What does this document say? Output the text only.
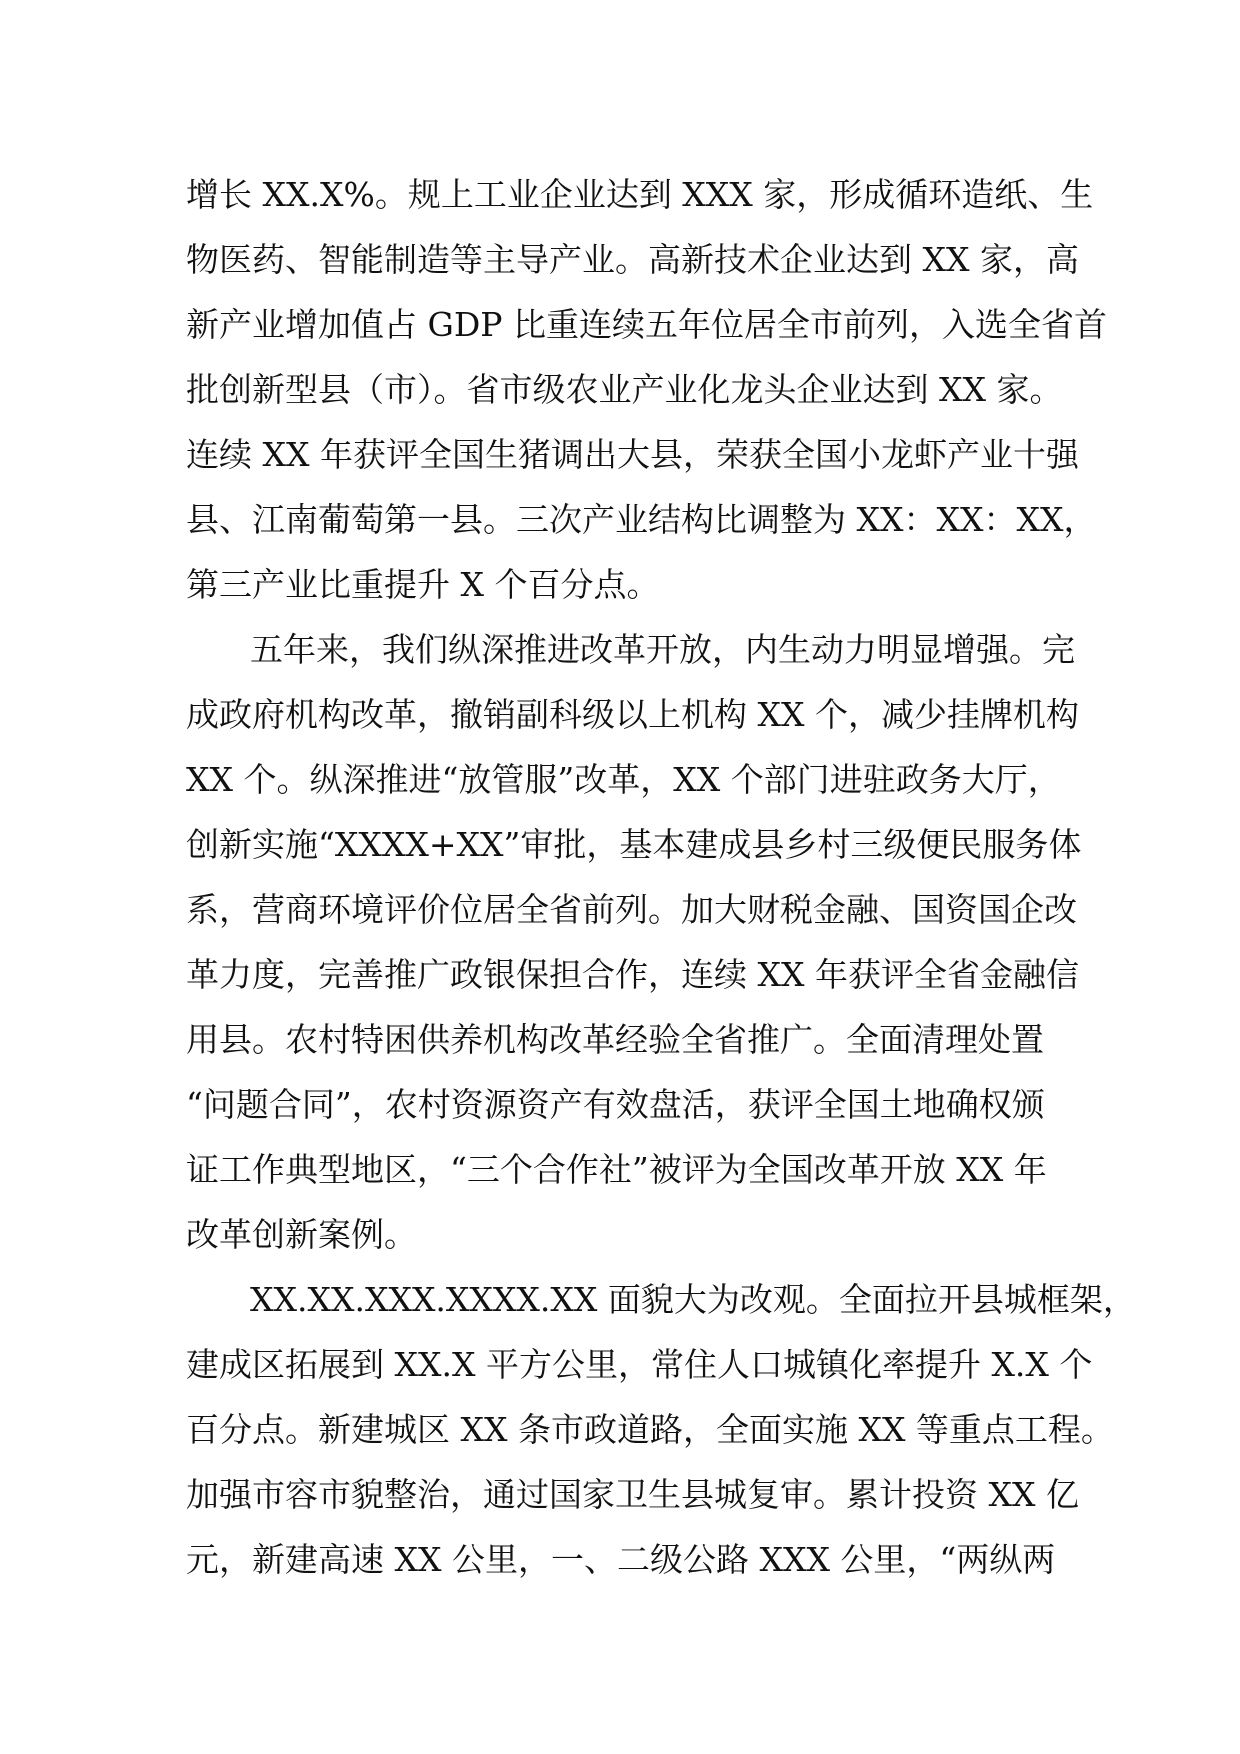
增长 XX.X%。规上工业企业达到 XXX 家，形成循环造纸、生
物医药、智能制造等主导产业。高新技术企业达到 XX 家，高
新产业增加值占 GDP 比重连续五年位居全市前列，入选全省首
批创新型县（市）。省市级农业产业化龙头企业达到 XX 家。
连续 XX 年获评全国生猪调出大县，荣获全国小龙虾产业十强
县、江南葡萄第一县。三次产业结构比调整为 XX：XX：XX，
第三产业比重提升 X 个百分点。
五年来，我们纵深推进改革开放，内生动力明显增强。完
成政府机构改革，撤销副科级以上机构 XX 个，减少挂牌机构
XX 个。纵深推进“放管服”改革，XX 个部门进驻政务大厅，
创新实施“XXXX+XX”审批，基本建成县乡村三级便民服务体
系，营商环境评价位居全省前列。加大财税金融、国资国企改
革力度，完善推广政银保担合作，连续 XX 年获评全省金融信
用县。农村特困供养机构改革经验全省推广。全面清理处置
“问题合同”，农村资源资产有效盘活，获评全国土地确权颁
证工作典型地区，“三个合作社”被评为全国改革开放 XX 年
改革创新案例。
XX.XX.XXX.XXXX.XX 面貌大为改观。全面拉开县城框架，
建成区拓展到 XX.X 平方公里，常住人口城镇化率提升 X.X 个
百分点。新建城区 XX 条市政道路，全面实施 XX 等重点工程。
加强市容市貌整治，通过国家卫生县城复审。累计投资 XX 亿
元，新建高速 XX 公里，一、二级公路 XXX 公里，“两纵两
